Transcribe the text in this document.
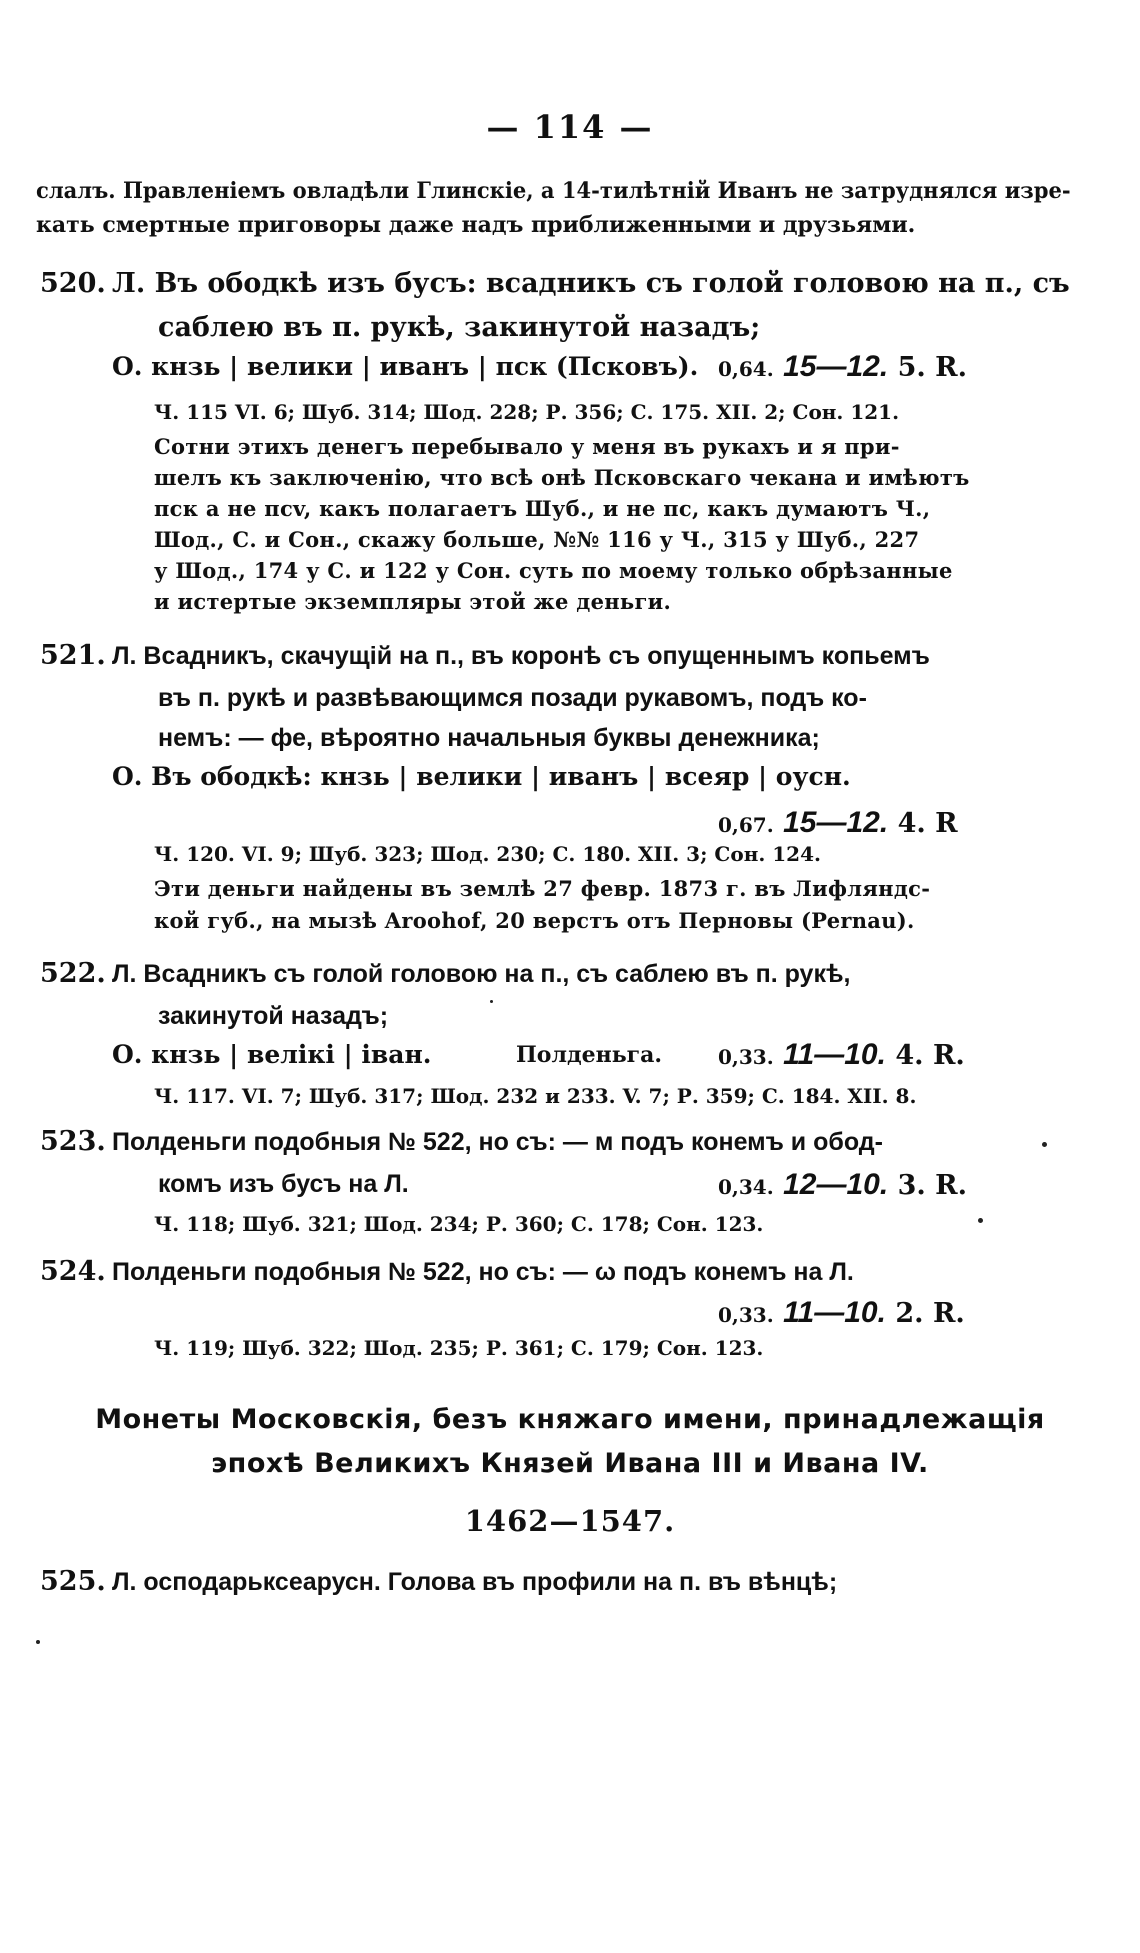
— 114 —
слалъ. Правленіемъ овладѣли Глинскіе, а 14-тилѣтній Иванъ не затруднялся изре-
кать смертные приговоры даже надъ приближенными и друзьями.
520. Л. Въ ободкѣ изъ бусъ: всадникъ съ голой головою на п., съ
саблею въ п. рукѣ, закинутой назадъ;
О. кнзь | велики | иванъ | пск (Псковъ). 0,64. 15—12. 5. R.
Ч. 115 VI. 6; Шуб. 314; Шод. 228; Р. 356; С. 175. XII. 2; Сон. 121.
Сотни этихъ денегъ перебывало у меня въ рукахъ и я при-
шелъ къ заключенію, что всѣ онѣ Псковскаго чекана и имѣютъ
пск а не псv, какъ полагаетъ Шуб., и не пс, какъ думаютъ Ч.,
Шод., С. и Сон., скажу больше, №№ 116 у Ч., 315 у Шуб., 227
у Шод., 174 у С. и 122 у Сон. суть по моему только обрѣзанные
и истертые экземпляры этой же деньги.
521. Л. Всадникъ, скачущій на п., въ коронѣ съ опущеннымъ копьемъ
въ п. рукѣ и развѣвающимся позади рукавомъ, подъ ко-
немъ: — фе, вѣроятно начальныя буквы денежника;
О. Въ ободкѣ: кнзь | велики | иванъ | всеяр | оусн.
0,67. 15—12. 4. R
Ч. 120. VI. 9; Шуб. 323; Шод. 230; С. 180. XII. 3; Сон. 124.
Эти деньги найдены въ землѣ 27 февр. 1873 г. въ Лифляндс-
кой губ., на мызѣ Aroohof, 20 верстъ отъ Перновы (Pernau).
522. Л. Всадникъ съ голой головою на п., съ саблею въ п. рукѣ,
закинутой назадъ;
О. кнзь | велікі | іван.	Полденьга.	0,33. 11—10. 4. R.
Ч. 117. VI. 7; Шуб. 317; Шод. 232 и 233. V. 7; Р. 359; С. 184. XII. 8.
523. Полденьги подобныя № 522, но съ: — м подъ конемъ и обод-
комъ изъ бусъ на Л.	0,34. 12—10. 3. R.
Ч. 118; Шуб. 321; Шод. 234; Р. 360; С. 178; Сон. 123.
524. Полденьги подобныя № 522, но съ: — ω подъ конемъ на Л.
0,33. 11—10. 2. R.
Ч. 119; Шуб. 322; Шод. 235; Р. 361; С. 179; Сон. 123.
Монеты Московскія, безъ княжаго имени, принадлежащія
эпохѣ Великихъ Князей Ивана III и Ивана IV.
1462—1547.
525. Л. осподарьксеарусн. Голова въ профили на п. въ вѣнцѣ;
